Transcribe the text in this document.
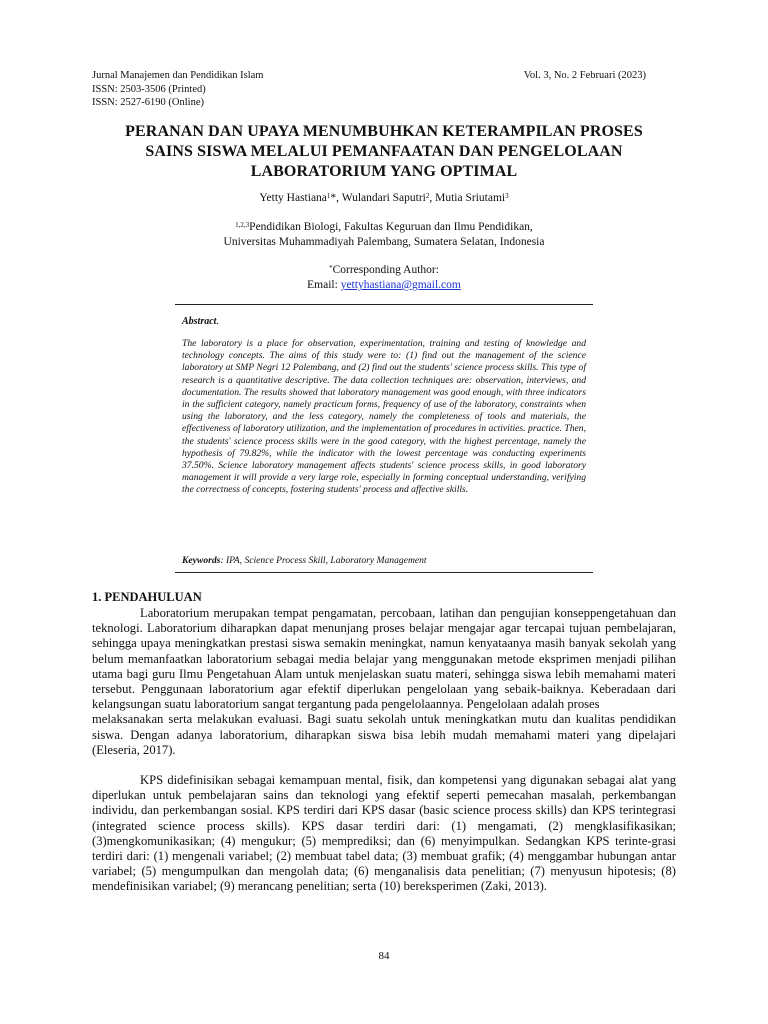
Jurnal Manajemen dan Pendidikan Islam
ISSN: 2503-3506 (Printed)
ISSN: 2527-6190 (Online)
Vol. 3, No. 2 Februari (2023)
PERANAN DAN UPAYA MENUMBUHKAN KETERAMPILAN PROSES
SAINS SISWA MELALUI PEMANFAATAN DAN PENGELOLAAN
LABORATORIUM YANG OPTIMAL
Yetty Hastiana$^1$*, Wulandari Saputri$^2$, Mutia Sriutami$^3$
$^{1,2,3}$Pendidikan Biologi, Fakultas Keguruan dan Ilmu Pendidikan,
Universitas Muhammadiyah Palembang, Sumatera Selatan, Indonesia
*Corresponding Author:
Email: yettyhastiana@gmail.com
Abstract.
The laboratory is a place for observation, experimentation, training and testing of knowledge and technology concepts. The aims of this study were to: (1) find out the management of the science laboratory at SMP Negri 12 Palembang, and (2) find out the students' science process skills. This type of research is a quantitative descriptive. The data collection techniques are: observation, interviews, and documentation. The results showed that laboratory management was good enough, with three indicators in the sufficient category, namely practicum forms, frequency of use of the laboratory, constraints when using the laboratory, and the less category, namely the completeness of tools and materials, the effectiveness of laboratory utilization, and the implementation of procedures in activities. practice. Then, the students' science process skills were in the good category, with the highest percentage, namely the hypothesis of 79.82%, while the indicator with the lowest percentage was conducting experiments 37.50%. Science laboratory management affects students' science process skills, in good laboratory management it will provide a very large role, especially in forming conceptual understanding, verifying the correctness of concepts, fostering students' process and affective skills.
Keywords: IPA, Science Process Skill, Laboratory Management
1. PENDAHULUAN
Laboratorium merupakan tempat pengamatan, percobaan, latihan dan pengujian konseppengetahuan dan teknologi. Laboratorium diharapkan dapat menunjang proses belajar mengajar agar tercapai tujuan pembelajaran, sehingga upaya meningkatkan prestasi siswa semakin meningkat, namun kenyataanya masih banyak sekolah yang belum memanfaatkan laboratorium sebagai media belajar yang menggunakan metode eksprimen menjadi pilihan utama bagi guru Ilmu Pengetahuan Alam untuk menjelaskan suatu materi, sehingga siswa lebih memahami materi tersebut. Penggunaan laboratorium agar efektif diperlukan pengelolaan yang sebaik-baiknya. Keberadaan dari kelangsungan suatu laboratorium sangat tergantung pada pengelolaannya. Pengelolaan adalah proses
melaksanakan serta melakukan evaluasi. Bagi suatu sekolah untuk meningkatkan mutu dan kualitas pendidikan siswa. Dengan adanya laboratorium, diharapkan siswa bisa lebih mudah memahami materi yang dipelajari (Eleseria, 2017).
KPS didefinisikan sebagai kemampuan mental, fisik, dan kompetensi yang digunakan sebagai alat yang diperlukan untuk pembelajaran sains dan teknologi yang efektif seperti pemecahan masalah, perkembangan individu, dan perkembangan sosial. KPS terdiri dari KPS dasar (basic science process skills) dan KPS terintegrasi (integrated science process skills). KPS dasar terdiri dari: (1) mengamati, (2) mengklasifikasikan;(3)mengkomunikasikan; (4) mengukur; (5) memprediksi; dan (6) menyimpulkan. Sedangkan KPS terinte-grasi terdiri dari: (1) mengenali variabel; (2) membuat tabel data; (3) membuat grafik; (4) menggambar hubungan antar variabel; (5) mengumpulkan dan mengolah data; (6) menganalisis data penelitian; (7) menyusun hipotesis; (8) mendefinisikan variabel; (9) merancang penelitian; serta (10) bereksperimen (Zaki, 2013).
84
